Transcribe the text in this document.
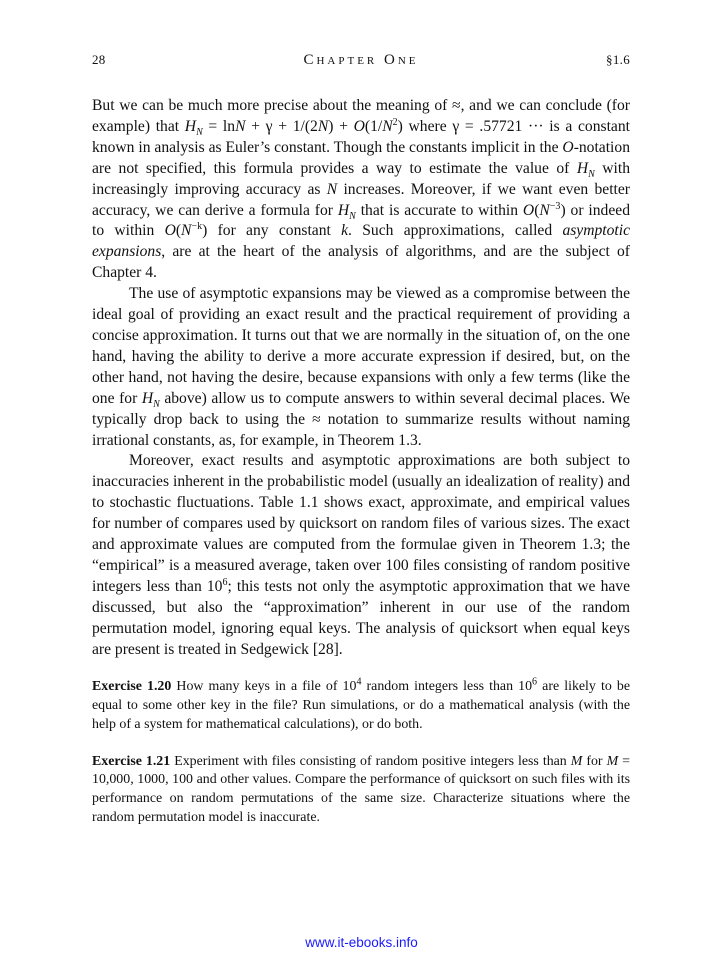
28	Chapter One	§1.6

But we can be much more precise about the meaning of ≈, and we can conclude (for example) that $H_N = \ln N + \gamma + 1/(2N) + O(1/N^2)$ where γ = .57721 ··· is a constant known in analysis as Euler’s constant. Though the constants implicit in the O-notation are not specified, this formula provides a way to estimate the value of $H_N$ with increasingly improving accuracy as N increases. Moreover, if we want even better accuracy, we can derive a formula for $H_N$ that is accurate to within $O(N^{-3})$ or indeed to within $O(N^{-k})$ for any constant k. Such approximations, called asymptotic expansions, are at the heart of the analysis of algorithms, and are the subject of Chapter 4.

The use of asymptotic expansions may be viewed as a compromise between the ideal goal of providing an exact result and the practical requirement of providing a concise approximation. It turns out that we are normally in the situation of, on the one hand, having the ability to derive a more accurate expression if desired, but, on the other hand, not having the desire, because expansions with only a few terms (like the one for $H_N$ above) allow us to compute answers to within several decimal places. We typically drop back to using the ≈ notation to summarize results without naming irrational constants, as, for example, in Theorem 1.3.

Moreover, exact results and asymptotic approximations are both subject to inaccuracies inherent in the probabilistic model (usually an idealization of reality) and to stochastic fluctuations. Table 1.1 shows exact, approximate, and empirical values for number of compares used by quicksort on random files of various sizes. The exact and approximate values are computed from the formulae given in Theorem 1.3; the “empirical” is a measured average, taken over 100 files consisting of random positive integers less than $10^6$; this tests not only the asymptotic approximation that we have discussed, but also the “approximation” inherent in our use of the random permutation model, ignoring equal keys. The analysis of quicksort when equal keys are present is treated in Sedgewick [28].

Exercise 1.20 How many keys in a file of $10^4$ random integers less than $10^6$ are likely to be equal to some other key in the file? Run simulations, or do a mathematical analysis (with the help of a system for mathematical calculations), or do both.
Exercise 1.21 Experiment with files consisting of random positive integers less than M for M = 10,000, 1000, 100 and other values. Compare the performance of quicksort on such files with its performance on random permutations of the same size. Characterize situations where the random permutation model is inaccurate.
www.it-ebooks.info
